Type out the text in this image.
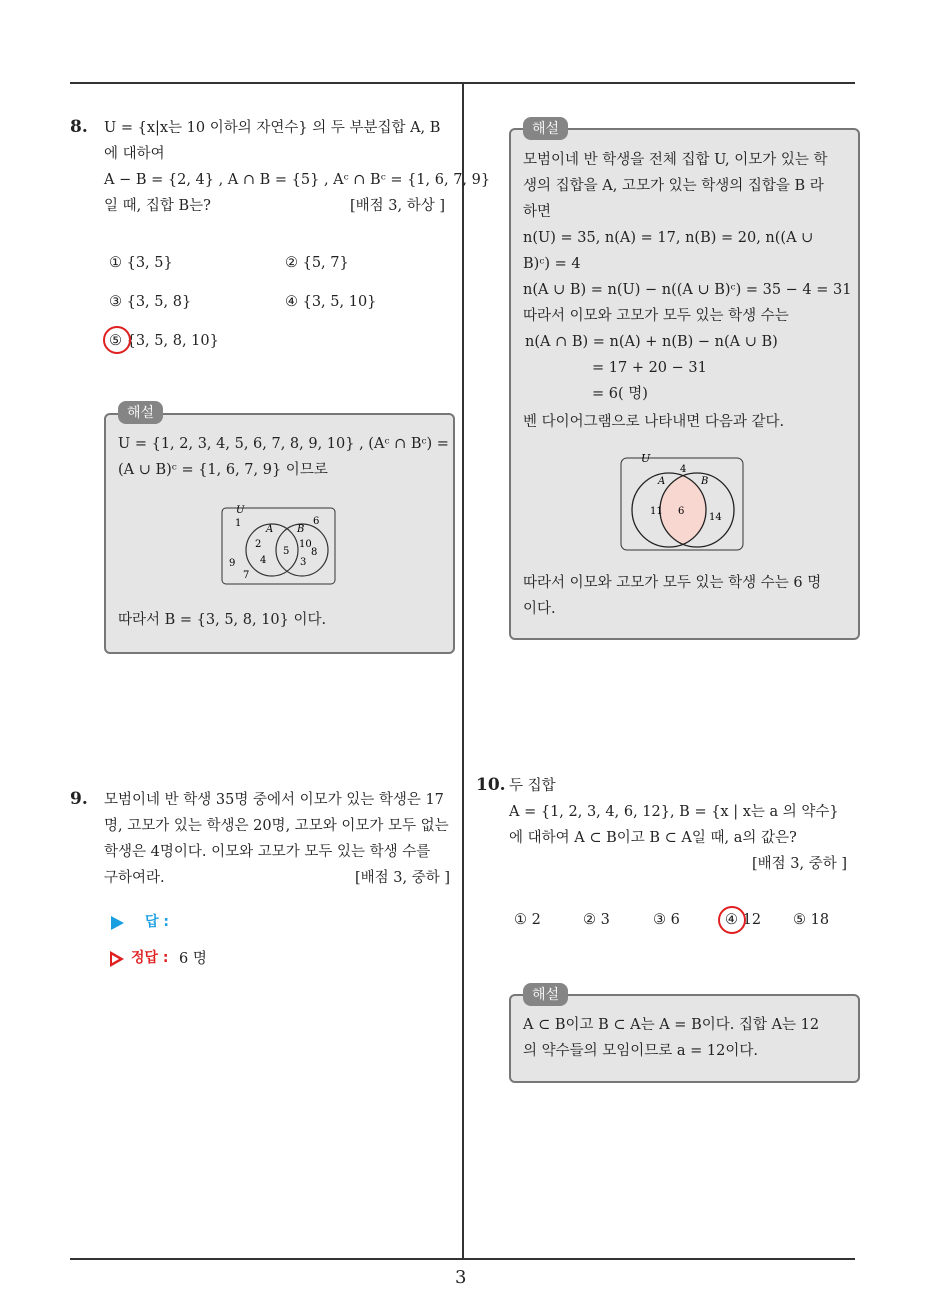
3
8. U = {x|x는 10 이하의 자연수} 의 두 부분집합 A, B
에 대하여
A − B = {2, 4} , A ∩ B = {5} , Aᶜ ∩ Bᶜ = {1, 6, 7, 9}
일 때, 집합 B는?	[배점 3, 하상 ]
① {3, 5}	② {5, 7}
③ {3, 5, 8}	④ {3, 5, 10}
⑤ {3, 5, 8, 10}
해설
U = {1, 2, 3, 4, 5, 6, 7, 8, 9, 10} , (Aᶜ ∩ Bᶜ) =
(A ∪ B)ᶜ = {1, 6, 7, 9} 이므로
U
A B
1	6
9
7
2
4
5
10
8
3
따라서 B = {3, 5, 8, 10} 이다.
해설
모범이네 반 학생을 전체 집합 U, 이모가 있는 학
생의 집합을 A, 고모가 있는 학생의 집합을 B 라
하면
n(U) = 35, n(A) = 17, n(B) = 20, n((A ∪
B)ᶜ) = 4
n(A ∪ B) = n(U) − n((A ∪ B)ᶜ) = 35 − 4 = 31
따라서 이모와 고모가 모두 있는 학생 수는
n(A ∩ B) = n(A) + n(B) − n(A ∪ B)
= 17 + 20 − 31
= 6( 명)
벤 다이어그램으로 나타내면 다음과 같다.
U
4
A	B
11 6
14
따라서 이모와 고모가 모두 있는 학생 수는 6 명
이다.
9. 모범이네 반 학생 35명 중에서 이모가 있는 학생은 17
명, 고모가 있는 학생은 20명, 고모와 이모가 모두 없는
학생은 4명이다. 이모와 고모가 모두 있는 학생 수를
구하여라.	[배점 3, 중하 ]
답 :
정답 : 6 명
10. 두 집합
A = {1, 2, 3, 4, 6, 12}, B = {x | x는 a 의 약수}
에 대하여 A ⊂ B이고 B ⊂ A일 때, a의 값은?
[배점 3, 중하 ]
① 2	② 3	③ 6	④ 12 ⑤ 18
해설
A ⊂ B이고 B ⊂ A는 A = B이다. 집합 A는 12
의 약수들의 모임이므로 a = 12이다.
